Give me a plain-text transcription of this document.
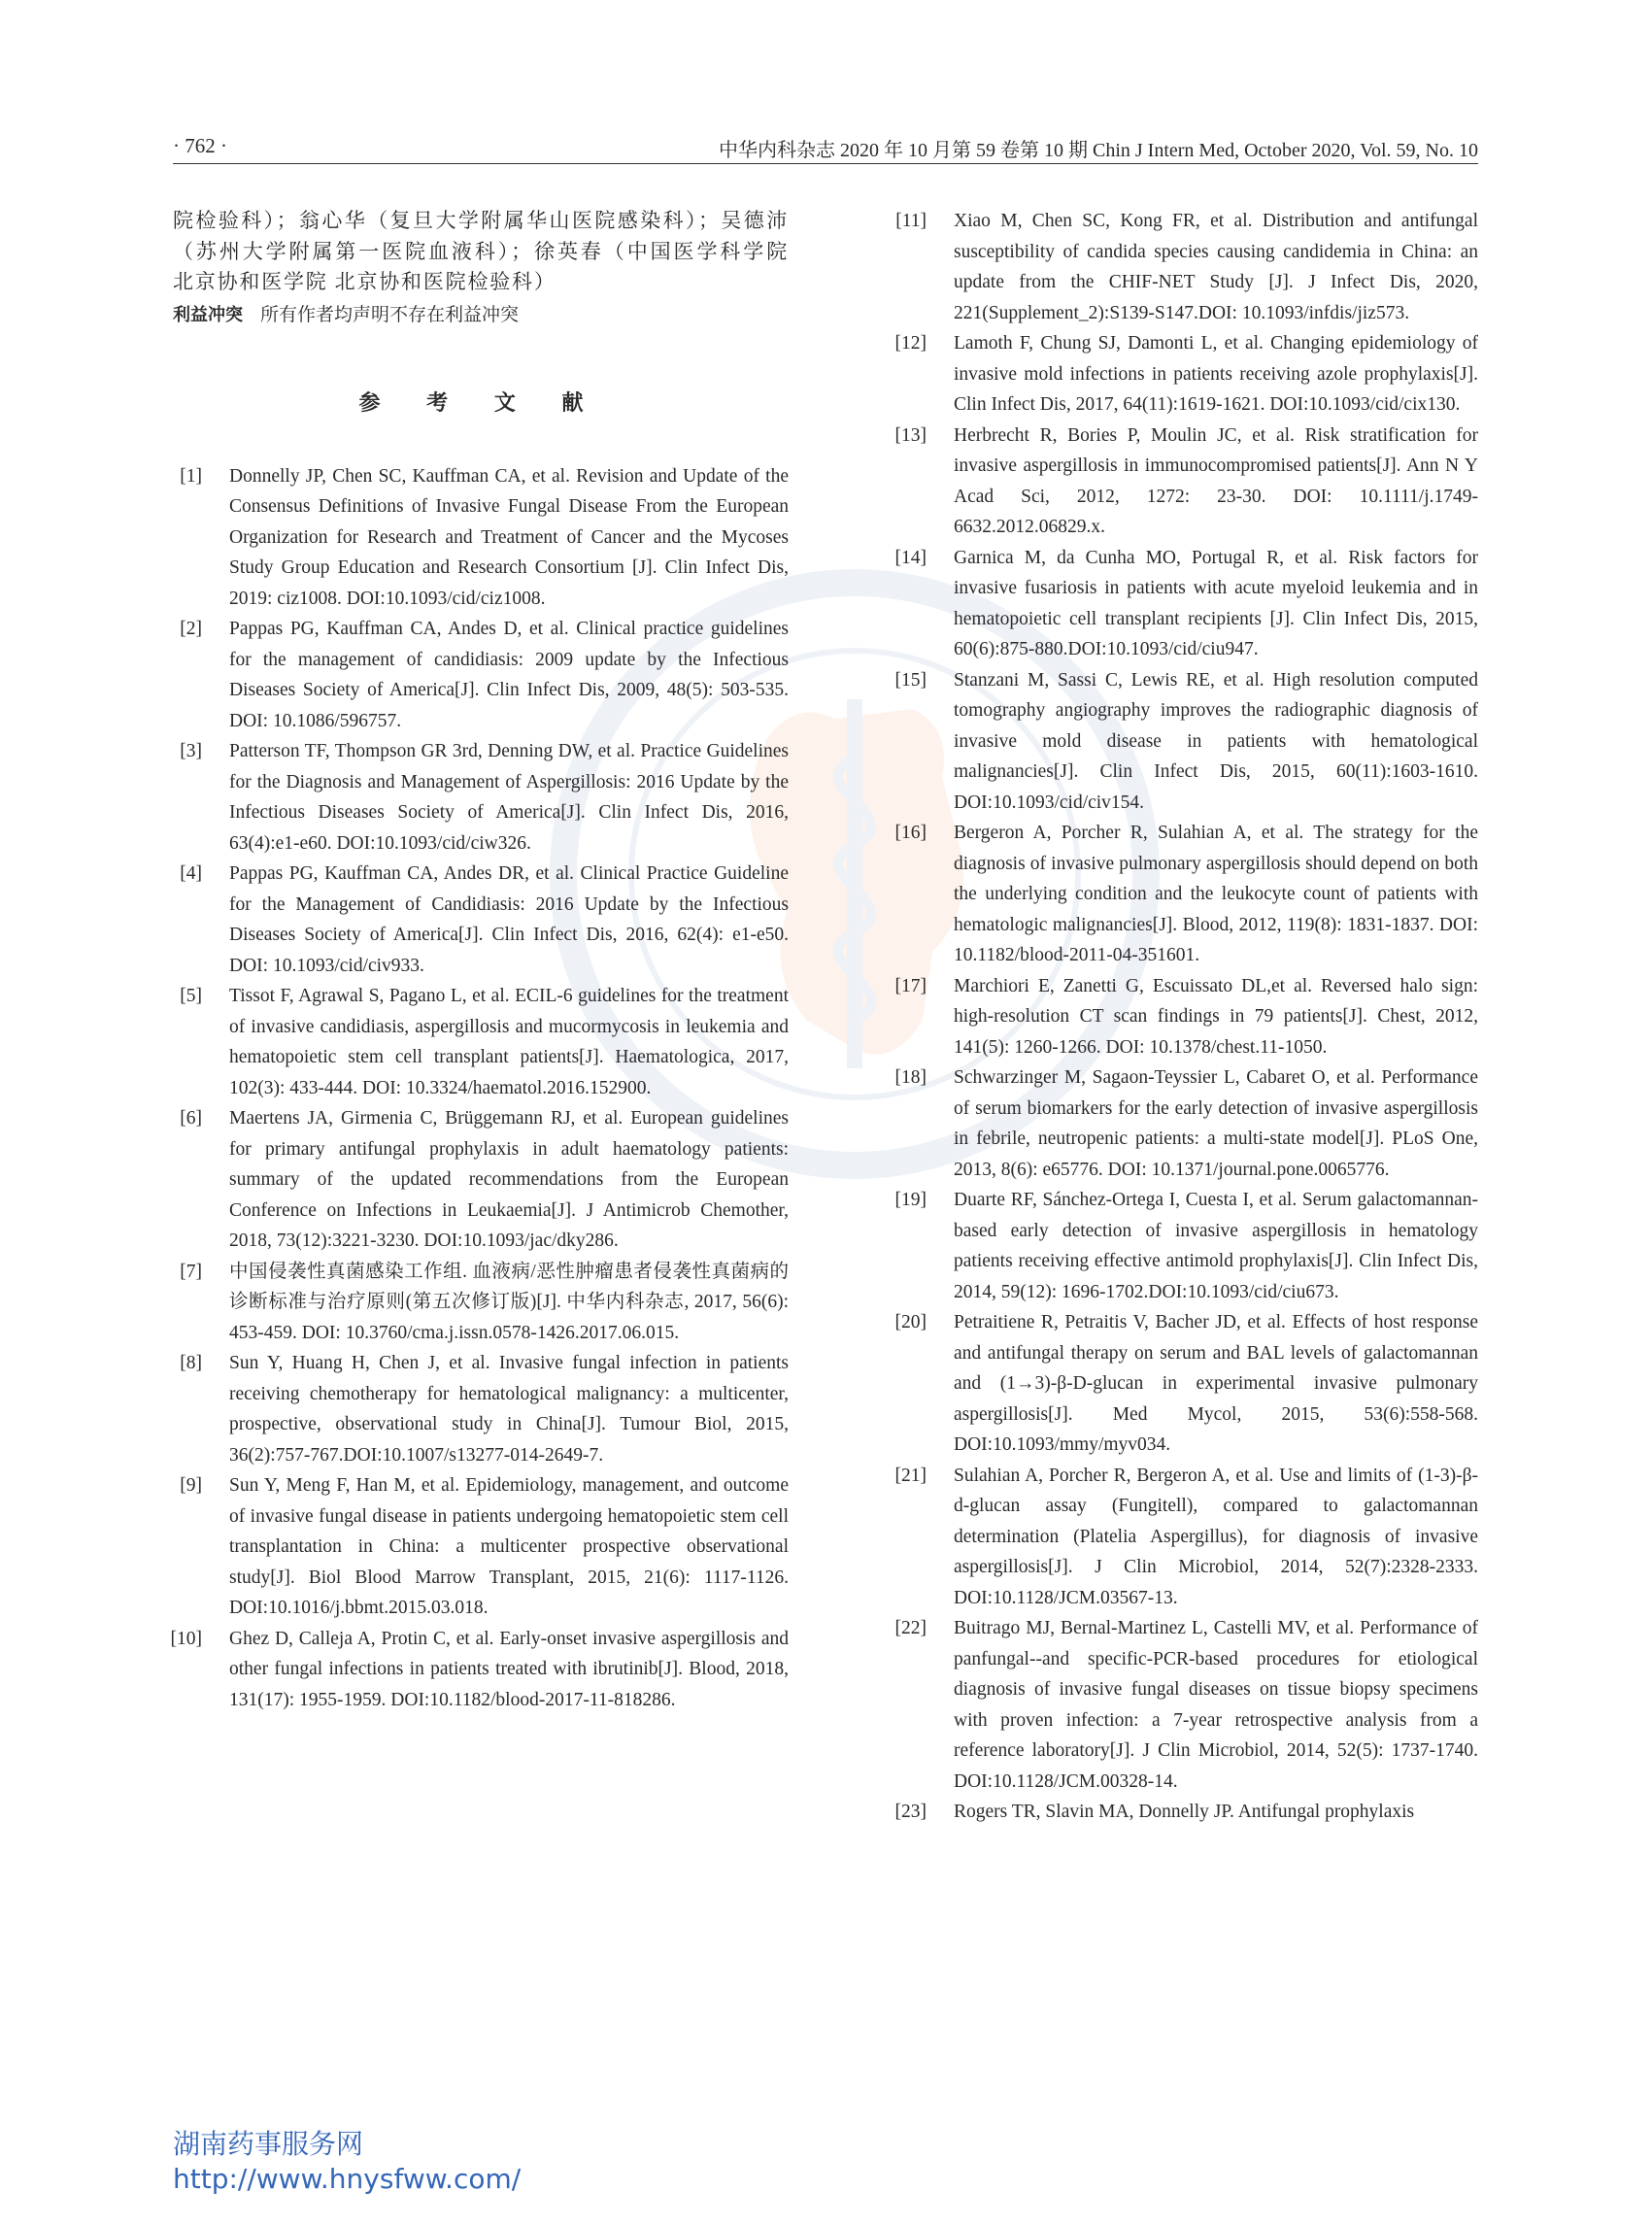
· 762 ·	中华内科杂志 2020 年 10 月第 59 卷第 10 期 Chin J Intern Med, October 2020, Vol. 59, No. 10

院检验科）；翁心华（复旦大学附属华山医院感染科）；吴德沛（苏州大学附属第一医院血液科）；徐英春（中国医学科学院 北京协和医学院 北京协和医院检验科）

利益冲突 所有作者均声明不存在利益冲突

参 考 文 献
[1]	Donnelly JP, Chen SC, Kauffman CA, et al. Revision and Update of the Consensus Definitions of Invasive Fungal Disease From the European Organization for Research and Treatment of Cancer and the Mycoses Study Group Education and Research Consortium [J]. Clin Infect Dis, 2019: ciz1008. DOI:10.1093/cid/ciz1008.
[2]	Pappas PG, Kauffman CA, Andes D, et al. Clinical practice guidelines for the management of candidiasis: 2009 update by the Infectious Diseases Society of America[J]. Clin Infect Dis, 2009, 48(5): 503-535. DOI: 10.1086/596757.
[3]	Patterson TF, Thompson GR 3rd, Denning DW, et al. Practice Guidelines for the Diagnosis and Management of Aspergillosis: 2016 Update by the Infectious Diseases Society of America[J]. Clin Infect Dis, 2016, 63(4):e1-e60. DOI:10.1093/cid/ciw326.
[4]	Pappas PG, Kauffman CA, Andes DR, et al. Clinical Practice Guideline for the Management of Candidiasis: 2016 Update by the Infectious Diseases Society of America[J]. Clin Infect Dis, 2016, 62(4): e1-e50. DOI: 10.1093/cid/civ933.
[5]	Tissot F, Agrawal S, Pagano L, et al. ECIL-6 guidelines for the treatment of invasive candidiasis, aspergillosis and mucormycosis in leukemia and hematopoietic stem cell transplant patients[J]. Haematologica, 2017, 102(3): 433-444. DOI: 10.3324/haematol.2016.152900.
[6]	Maertens JA, Girmenia C, Brüggemann RJ, et al. European guidelines for primary antifungal prophylaxis in adult haematology patients: summary of the updated recommendations from the European Conference on Infections in Leukaemia[J]. J Antimicrob Chemother, 2018, 73(12):3221-3230. DOI:10.1093/jac/dky286.
[7]	中国侵袭性真菌感染工作组. 血液病/恶性肿瘤患者侵袭性真菌病的诊断标准与治疗原则(第五次修订版)[J]. 中华内科杂志, 2017, 56(6): 453-459. DOI: 10.3760/cma.j.issn.0578-1426.2017.06.015.
[8]	Sun Y, Huang H, Chen J, et al. Invasive fungal infection in patients receiving chemotherapy for hematological malignancy: a multicenter, prospective, observational study in China[J]. Tumour Biol, 2015, 36(2):757-767.DOI:10.1007/s13277-014-2649-7.
[9]	Sun Y, Meng F, Han M, et al. Epidemiology, management, and outcome of invasive fungal disease in patients undergoing hematopoietic stem cell transplantation in China: a multicenter prospective observational study[J]. Biol Blood Marrow Transplant, 2015, 21(6): 1117-1126. DOI:10.1016/j.bbmt.2015.03.018.
[10]	Ghez D, Calleja A, Protin C, et al. Early-onset invasive aspergillosis and other fungal infections in patients treated with ibrutinib[J]. Blood, 2018, 131(17): 1955-1959. DOI:10.1182/blood-2017-11-818286.
[11]	Xiao M, Chen SC, Kong FR, et al. Distribution and antifungal susceptibility of candida species causing candidemia in China: an update from the CHIF-NET Study [J]. J Infect Dis, 2020, 221(Supplement_2):S139-S147.DOI: 10.1093/infdis/jiz573.
[12]	Lamoth F, Chung SJ, Damonti L, et al. Changing epidemiology of invasive mold infections in patients receiving azole prophylaxis[J]. Clin Infect Dis, 2017, 64(11):1619-1621. DOI:10.1093/cid/cix130.
[13]	Herbrecht R, Bories P, Moulin JC, et al. Risk stratification for invasive aspergillosis in immunocompromised patients[J]. Ann N Y Acad Sci, 2012, 1272: 23-30. DOI: 10.1111/j.1749-6632.2012.06829.x.
[14]	Garnica M, da Cunha MO, Portugal R, et al. Risk factors for invasive fusariosis in patients with acute myeloid leukemia and in hematopoietic cell transplant recipients [J]. Clin Infect Dis, 2015, 60(6):875-880.DOI:10.1093/cid/ciu947.
[15]	Stanzani M, Sassi C, Lewis RE, et al. High resolution computed tomography angiography improves the radiographic diagnosis of invasive mold disease in patients with hematological malignancies[J]. Clin Infect Dis, 2015, 60(11):1603-1610. DOI:10.1093/cid/civ154.
[16]	Bergeron A, Porcher R, Sulahian A, et al. The strategy for the diagnosis of invasive pulmonary aspergillosis should depend on both the underlying condition and the leukocyte count of patients with hematologic malignancies[J]. Blood, 2012, 119(8): 1831-1837. DOI: 10.1182/blood-2011-04-351601.
[17]	Marchiori E, Zanetti G, Escuissato DL,et al. Reversed halo sign: high-resolution CT scan findings in 79 patients[J]. Chest, 2012, 141(5): 1260-1266. DOI: 10.1378/chest.11-1050.
[18]	Schwarzinger M, Sagaon-Teyssier L, Cabaret O, et al. Performance of serum biomarkers for the early detection of invasive aspergillosis in febrile, neutropenic patients: a multi-state model[J]. PLoS One, 2013, 8(6): e65776. DOI: 10.1371/journal.pone.0065776.
[19]	Duarte RF, Sánchez-Ortega I, Cuesta I, et al. Serum galactomannan-based early detection of invasive aspergillosis in hematology patients receiving effective antimold prophylaxis[J]. Clin Infect Dis, 2014, 59(12): 1696-1702.DOI:10.1093/cid/ciu673.
[20]	Petraitiene R, Petraitis V, Bacher JD, et al. Effects of host response and antifungal therapy on serum and BAL levels of galactomannan and (1→3)-β-D-glucan in experimental invasive pulmonary aspergillosis[J]. Med Mycol, 2015, 53(6):558-568. DOI:10.1093/mmy/myv034.
[21]	Sulahian A, Porcher R, Bergeron A, et al. Use and limits of (1-3)-β-d-glucan assay (Fungitell), compared to galactomannan determination (Platelia Aspergillus), for diagnosis of invasive aspergillosis[J]. J Clin Microbiol, 2014, 52(7):2328-2333. DOI:10.1128/JCM.03567-13.
[22]	Buitrago MJ, Bernal-Martinez L, Castelli MV, et al. Performance of panfungal--and specific-PCR-based procedures for etiological diagnosis of invasive fungal diseases on tissue biopsy specimens with proven infection: a 7-year retrospective analysis from a reference laboratory[J]. J Clin Microbiol, 2014, 52(5): 1737-1740. DOI:10.1128/JCM.00328-14.
[23]	Rogers TR, Slavin MA, Donnelly JP. Antifungal prophylaxis
湖南药事服务网
http://www.hnysfww.com/
